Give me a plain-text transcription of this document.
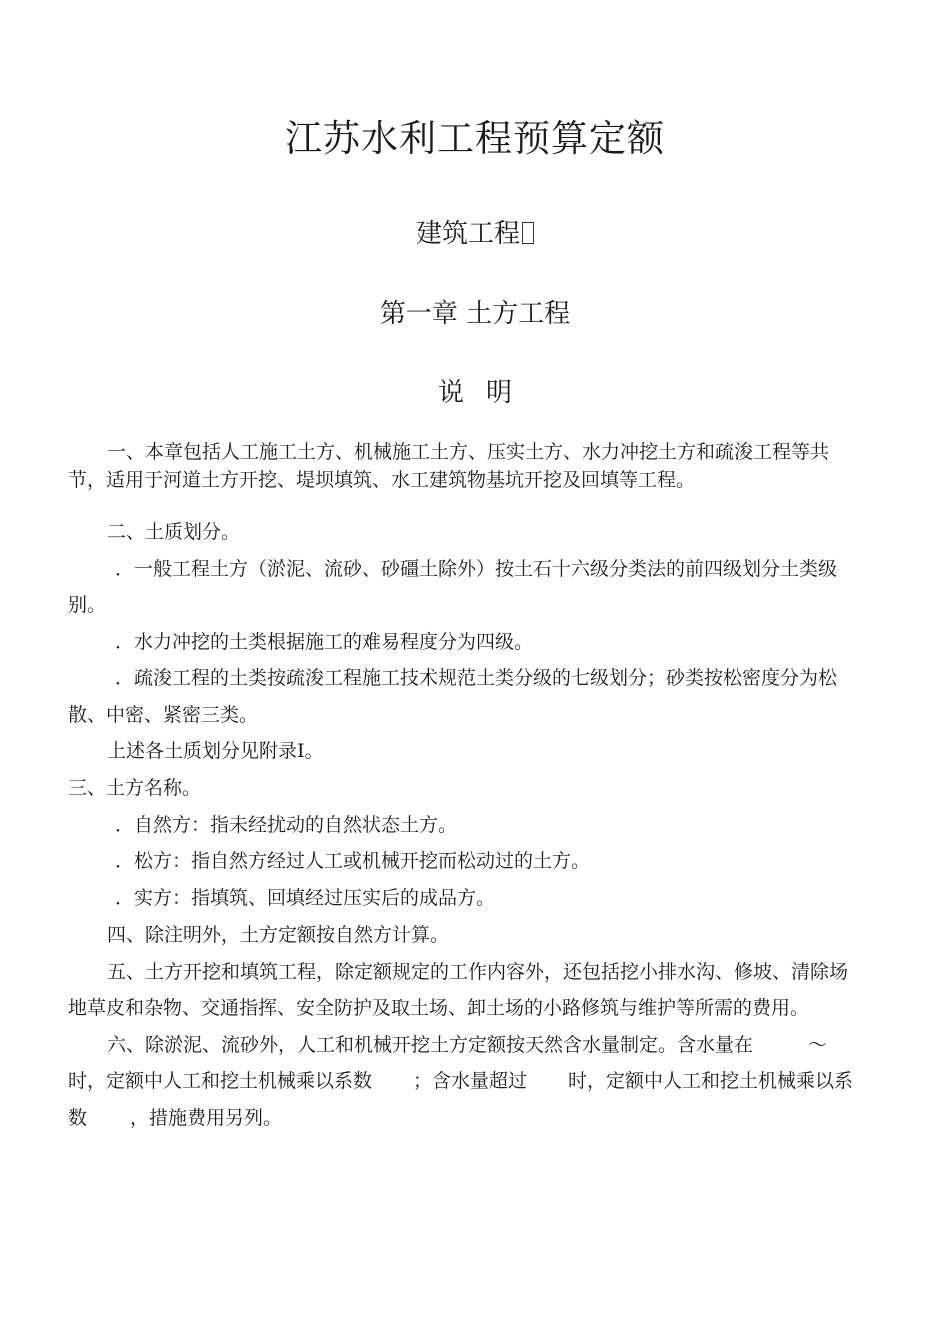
江苏水利工程预算定额
建筑工程
第一章 土方工程
说明
一、本章包括人工施工土方、机械施工土方、压实土方、水力冲挖土方和疏浚工程等共
节，适用于河道土方开挖、堤坝填筑、水工建筑物基坑开挖及回填等工程。
二、土质划分。
．一般工程土方（淤泥、流砂、砂礓土除外）按土石十六级分类法的前四级划分土类级
别。
．水力冲挖的土类根据施工的难易程度分为四级。
．疏浚工程的土类按疏浚工程施工技术规范土类分级的七级划分；砂类按松密度分为松
散、中密、紧密三类。
上述各土质划分见附录Ⅰ。
三、土方名称。
．自然方：指未经扰动的自然状态土方。
．松方：指自然方经过人工或机械开挖而松动过的土方。
．实方：指填筑、回填经过压实后的成品方。
四、除注明外，土方定额按自然方计算。
五、土方开挖和填筑工程，除定额规定的工作内容外，还包括挖小排水沟、修坡、清除场
地草皮和杂物、交通指挥、安全防护及取土场、卸土场的小路修筑与维护等所需的费用。
六、除淤泥、流砂外，人工和机械开挖土方定额按天然含水量制定。含水量在	～
时，定额中人工和挖土机械乘以系数 ；含水量超过 时，定额中人工和挖土机械乘以系
数 ，措施费用另列。
